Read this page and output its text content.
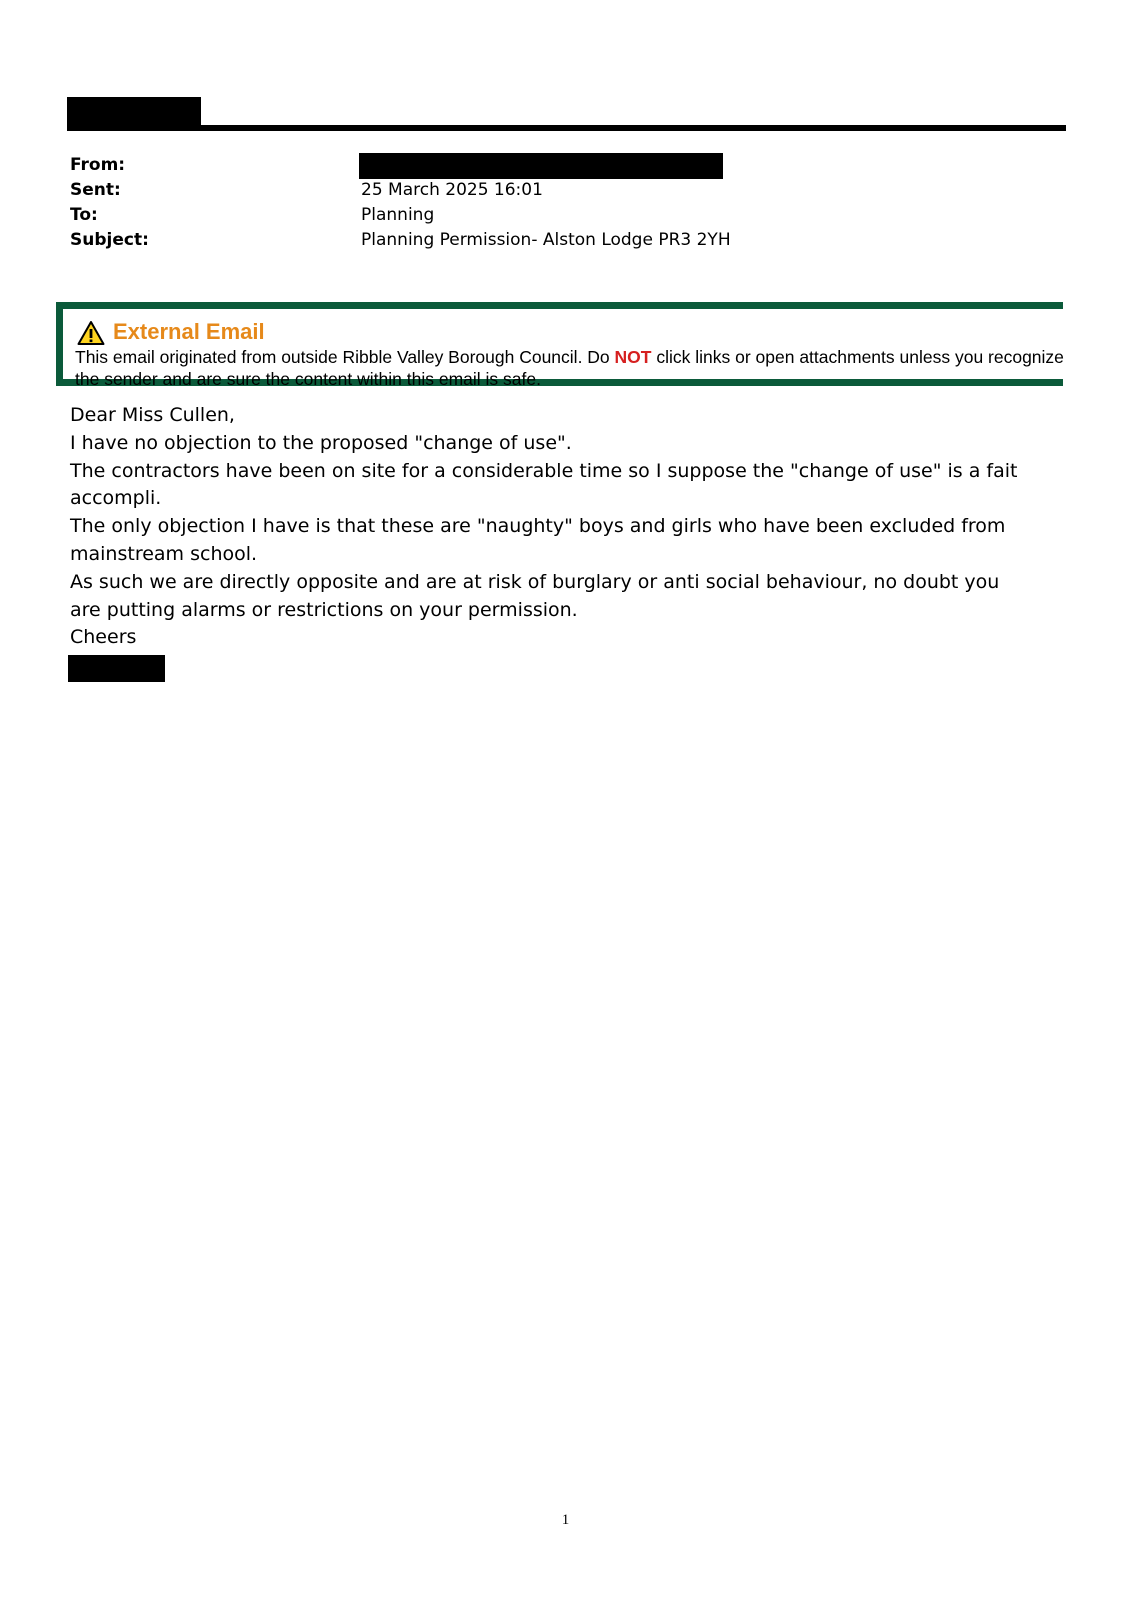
From:
Sent:	25 March 2025 16:01
To:	Planning
Subject:	Planning Permission- Alston Lodge PR3 2YH
External Email
This email originated from outside Ribble Valley Borough Council. Do NOT click links or open attachments unless you recognize the sender and are sure the content within this email is safe.

Dear Miss Cullen,

I have no objection to the proposed "change of use".

The contractors have been on site for a considerable time so I suppose the "change of use" is a fait accompli.

The only objection I have is that these are "naughty" boys and girls who have been excluded from mainstream school.

As such we are directly opposite and are at risk of burglary or anti social behaviour, no doubt you are putting alarms or restrictions on your permission.

Cheers

1
